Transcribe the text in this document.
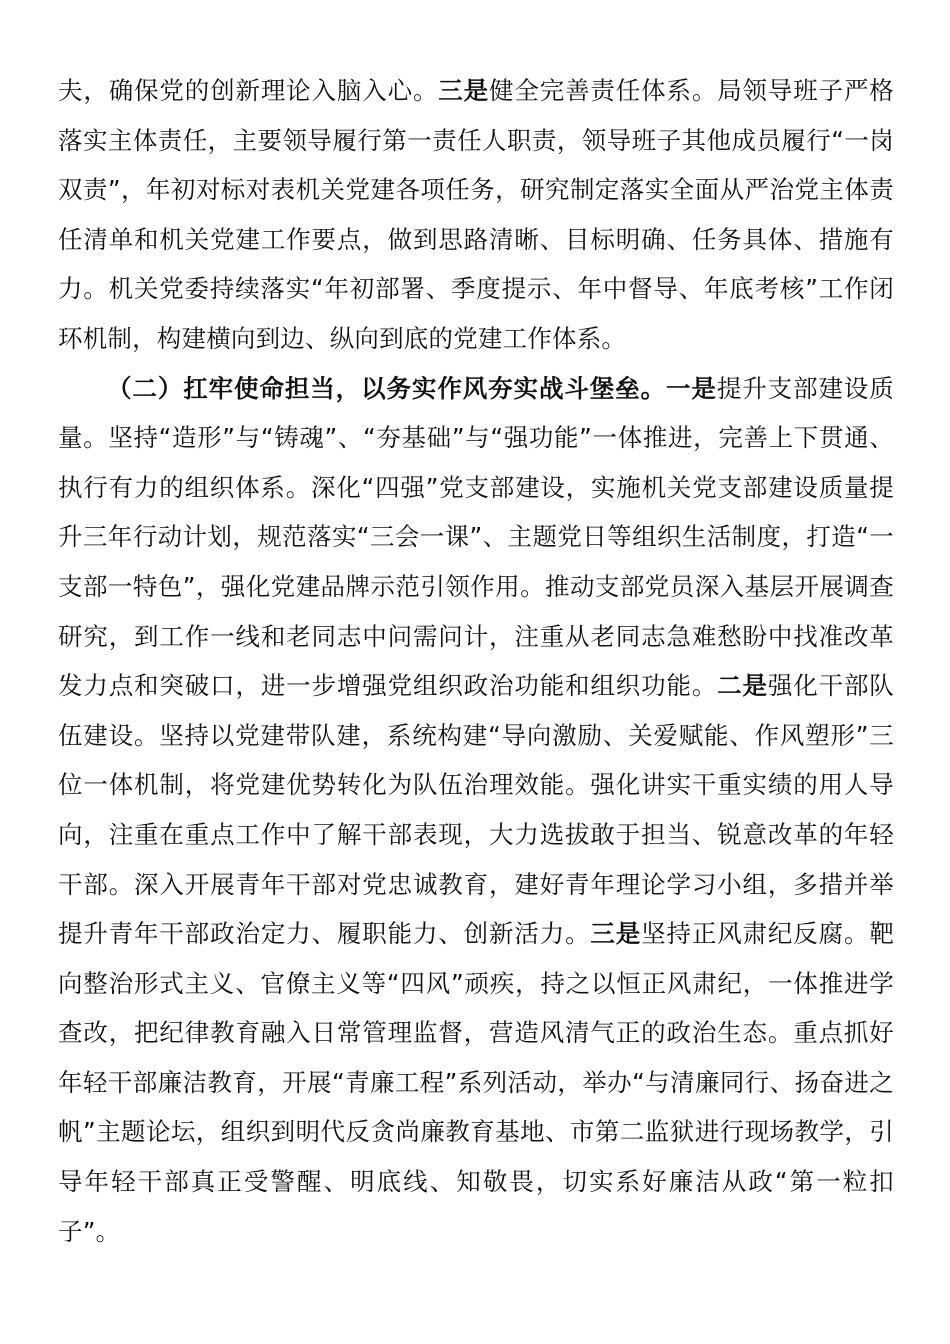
夫，确保党的创新理论入脑入心。三是健全完善责任体系。局领导班子严格落实主体责任，主要领导履行第一责任人职责，领导班子其他成员履行“一岗双责”，年初对标对表机关党建各项任务，研究制定落实全面从严治党主体责任清单和机关党建工作要点，做到思路清晰、目标明确、任务具体、措施有力。机关党委持续落实“年初部署、季度提示、年中督导、年底考核”工作闭环机制，构建横向到边、纵向到底的党建工作体系。

（二）扛牢使命担当，以务实作风夯实战斗堡垒。一是提升支部建设质量。坚持“造形”与“铸魂”、“夯基础”与“强功能”一体推进，完善上下贯通、执行有力的组织体系。深化“四强”党支部建设，实施机关党支部建设质量提升三年行动计划，规范落实“三会一课”、主题党日等组织生活制度，打造“一支部一特色”，强化党建品牌示范引领作用。推动支部党员深入基层开展调查研究，到工作一线和老同志中问需问计，注重从老同志急难愁盼中找准改革发力点和突破口，进一步增强党组织政治功能和组织功能。二是强化干部队伍建设。坚持以党建带队建，系统构建“导向激励、关爱赋能、作风塑形”三位一体机制，将党建优势转化为队伍治理效能。强化讲实干重实绩的用人导向，注重在重点工作中了解干部表现，大力选拔敢于担当、锐意改革的年轻干部。深入开展青年干部对党忠诚教育，建好青年理论学习小组，多措并举提升青年干部政治定力、履职能力、创新活力。三是坚持正风肃纪反腐。靶向整治形式主义、官僚主义等“四风”顽疾，持之以恒正风肃纪，一体推进学查改，把纪律教育融入日常管理监督，营造风清气正的政治生态。重点抓好年轻干部廉洁教育，开展“青廉工程”系列活动，举办“与清廉同行、扬奋进之帆”主题论坛，组织到明代反贪尚廉教育基地、市第二监狱进行现场教学，引导年轻干部真正受警醒、明底线、知敬畏，切实系好廉洁从政“第一粒扣子”。
